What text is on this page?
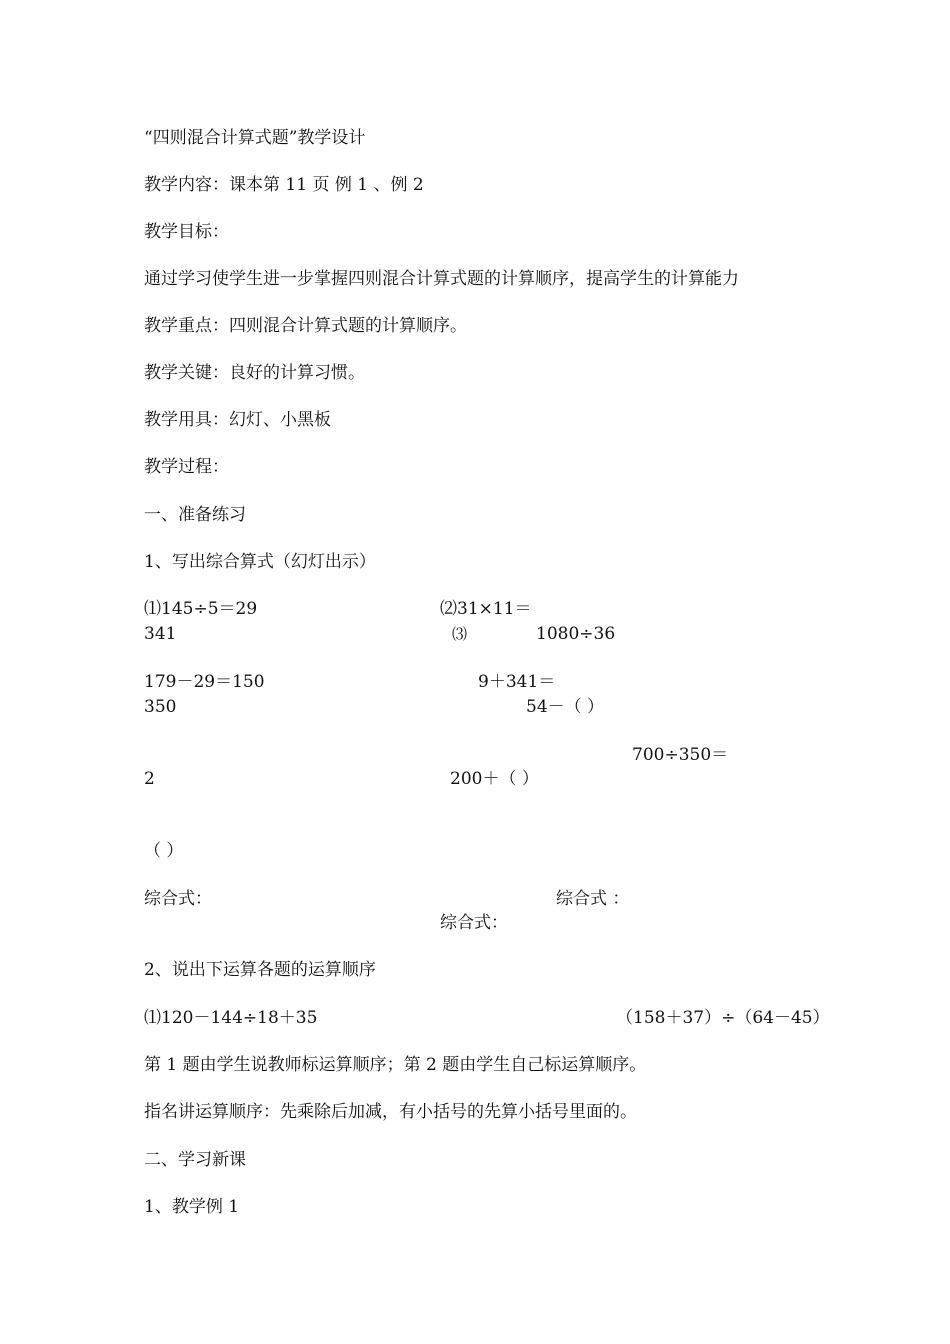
“四则混合计算式题”教学设计
教学内容：课本第 11 页 例 1 、例 2
教学目标：
通过学习使学生进一步掌握四则混合计算式题的计算顺序，提高学生的计算能力
教学重点：四则混合计算式题的计算顺序。
教学关键：良好的计算习惯。
教学用具：幻灯、小黑板
教学过程：
一、准备练习
1、写出综合算式（幻灯出示）
⑴145÷5＝29	⑵31×11＝
341	⑶	1080÷36
179－29＝150	9＋341＝
350	54－（ ）
700÷350＝
2	200＋（ ）
（ ）
综合式：	综合式 ：
综合式：
2、说出下运算各题的运算顺序
⑴120－144÷18＋35	（158＋37）÷（64－45）
第 1 题由学生说教师标运算顺序；第 2 题由学生自己标运算顺序。
指名讲运算顺序：先乘除后加减，有小括号的先算小括号里面的。
二、学习新课
1、教学例 1
